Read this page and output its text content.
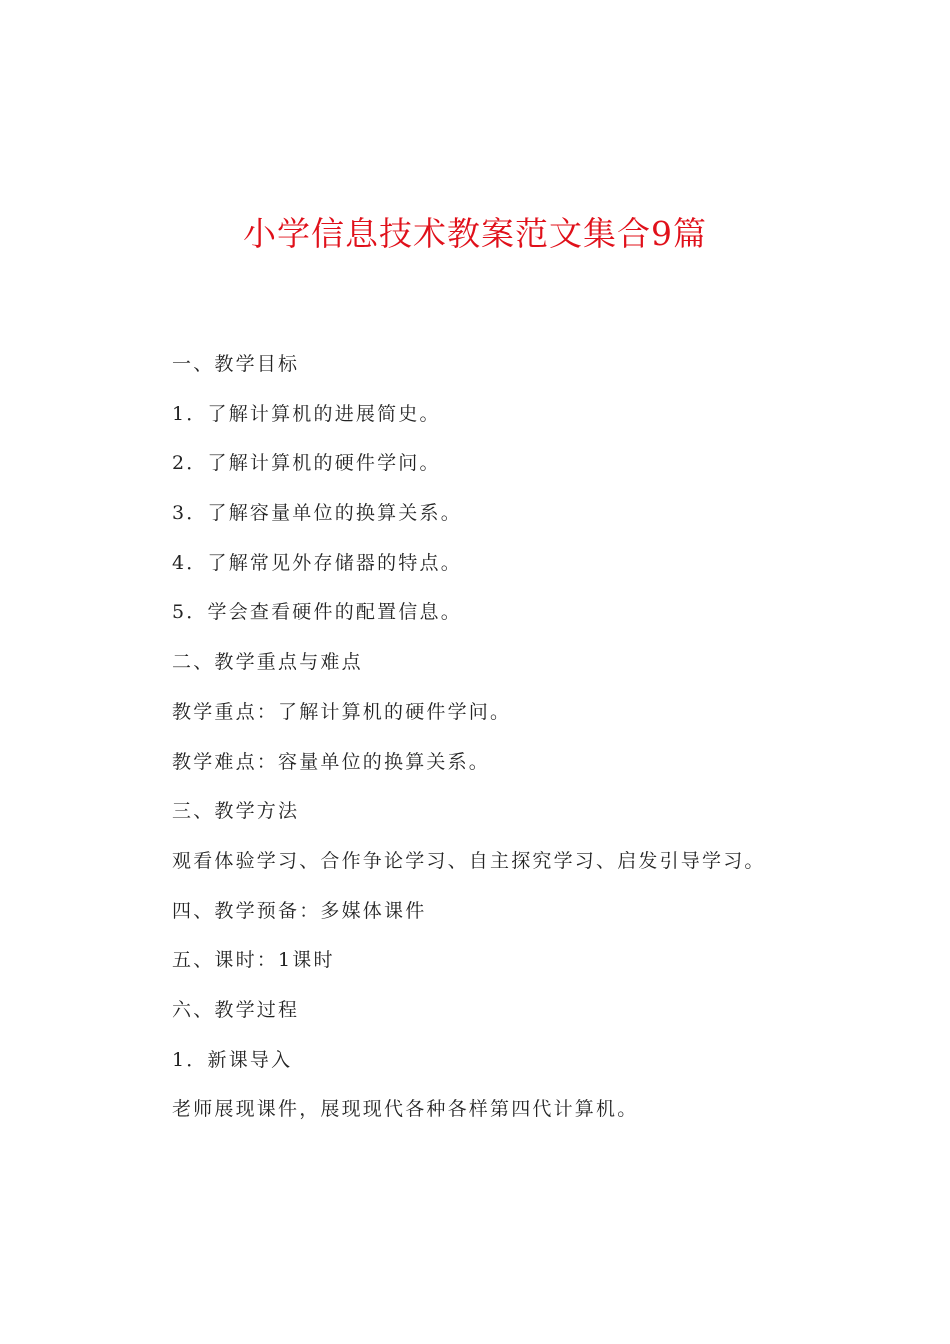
小学信息技术教案范文集合9篇

一、教学目标

1．了解计算机的进展简史。

2．了解计算机的硬件学问。

3．了解容量单位的换算关系。

4．了解常见外存储器的特点。

5．学会查看硬件的配置信息。

二、教学重点与难点

教学重点：了解计算机的硬件学问。

教学难点：容量单位的换算关系。

三、教学方法

观看体验学习、合作争论学习、自主探究学习、启发引导学习。

四、教学预备：多媒体课件

五、课时：1课时

六、教学过程

1．新课导入

老师展现课件，展现现代各种各样第四代计算机。
